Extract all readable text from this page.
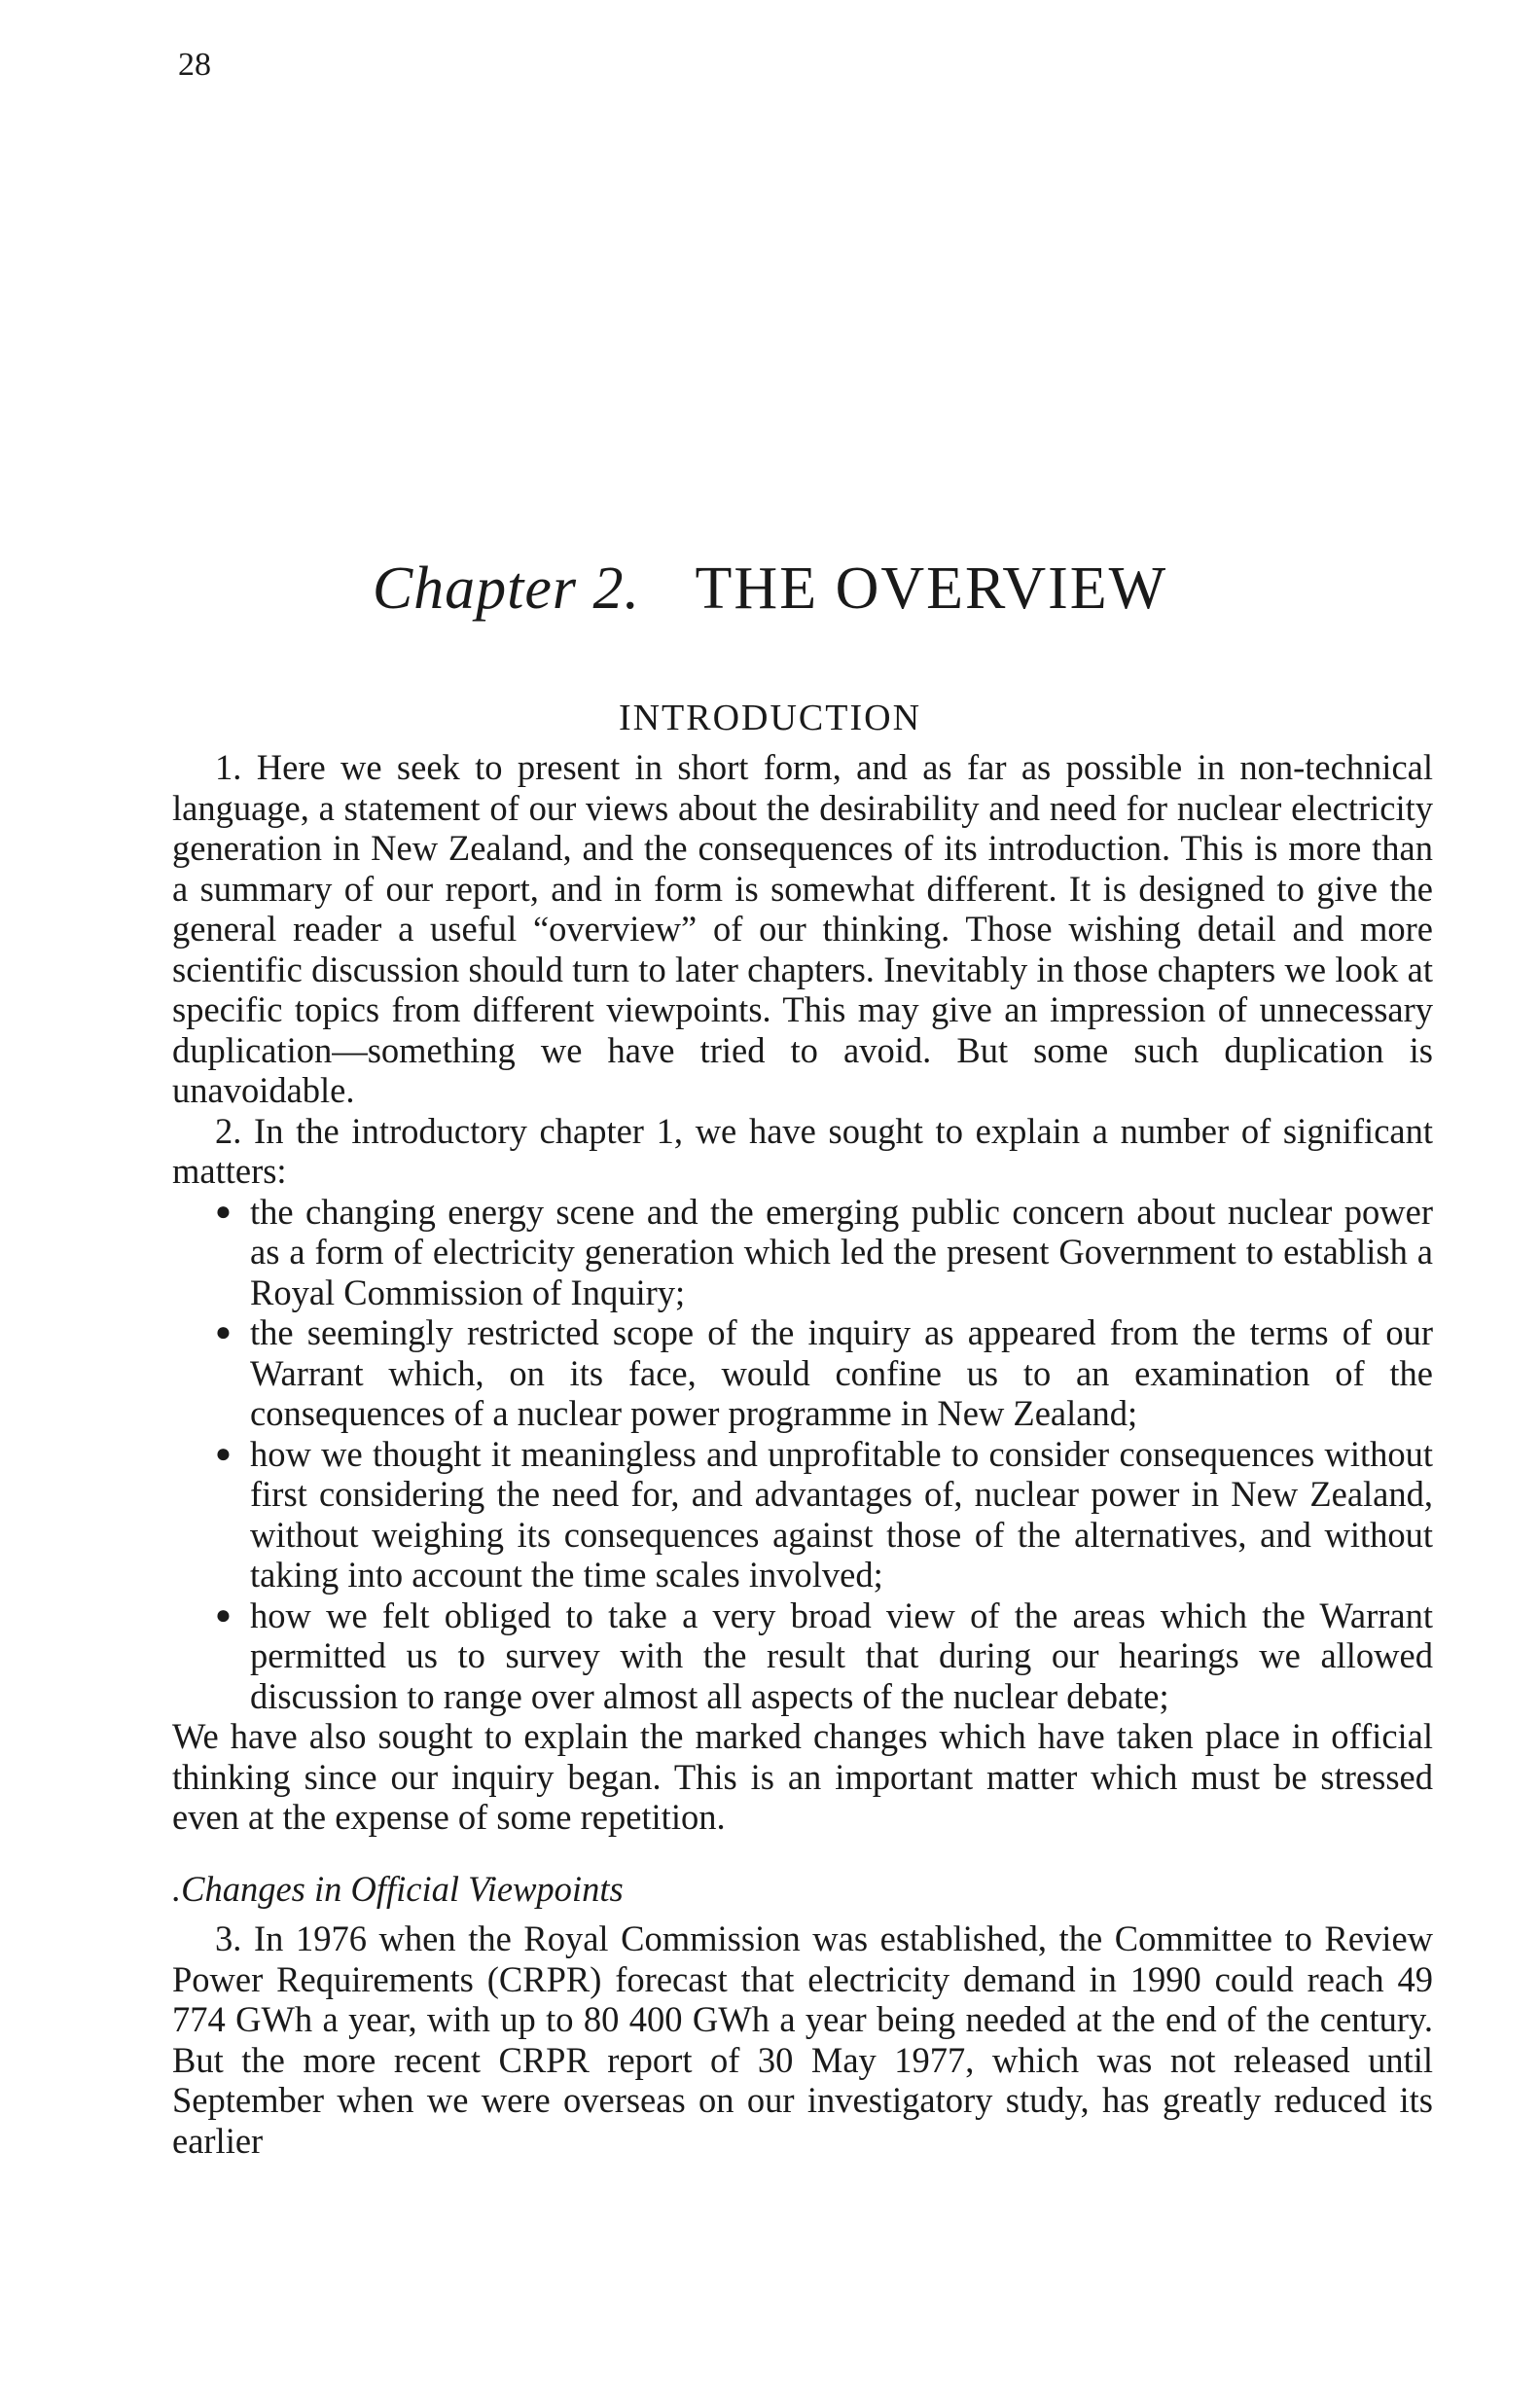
28
Chapter 2. THE OVERVIEW
INTRODUCTION

1. Here we seek to present in short form, and as far as possible in non-technical language, a statement of our views about the desirability and need for nuclear electricity generation in New Zealand, and the consequences of its introduction. This is more than a summary of our report, and in form is somewhat different. It is designed to give the general reader a useful “overview” of our thinking. Those wishing detail and more scientific discussion should turn to later chapters. Inevitably in those chapters we look at specific topics from different viewpoints. This may give an impression of unnecessary duplication—something we have tried to avoid. But some such duplication is unavoidable.

2. In the introductory chapter 1, we have sought to explain a number of significant matters:

● the changing energy scene and the emerging public concern about nuclear power as a form of electricity generation which led the present Government to establish a Royal Commission of Inquiry;
● the seemingly restricted scope of the inquiry as appeared from the terms of our Warrant which, on its face, would confine us to an examination of the consequences of a nuclear power programme in New Zealand;
● how we thought it meaningless and unprofitable to consider consequences without first considering the need for, and advantages of, nuclear power in New Zealand, without weighing its consequences against those of the alternatives, and without taking into account the time scales involved;
● how we felt obliged to take a very broad view of the areas which the Warrant permitted us to survey with the result that during our hearings we allowed discussion to range over almost all aspects of the nuclear debate;

We have also sought to explain the marked changes which have taken place in official thinking since our inquiry began. This is an important matter which must be stressed even at the expense of some repetition.

.Changes in Official Viewpoints

3. In 1976 when the Royal Commission was established, the Committee to Review Power Requirements (CRPR) forecast that electricity demand in 1990 could reach 49 774 GWh a year, with up to 80 400 GWh a year being needed at the end of the century. But the more recent CRPR report of 30 May 1977, which was not released until September when we were overseas on our investigatory study, has greatly reduced its earlier
